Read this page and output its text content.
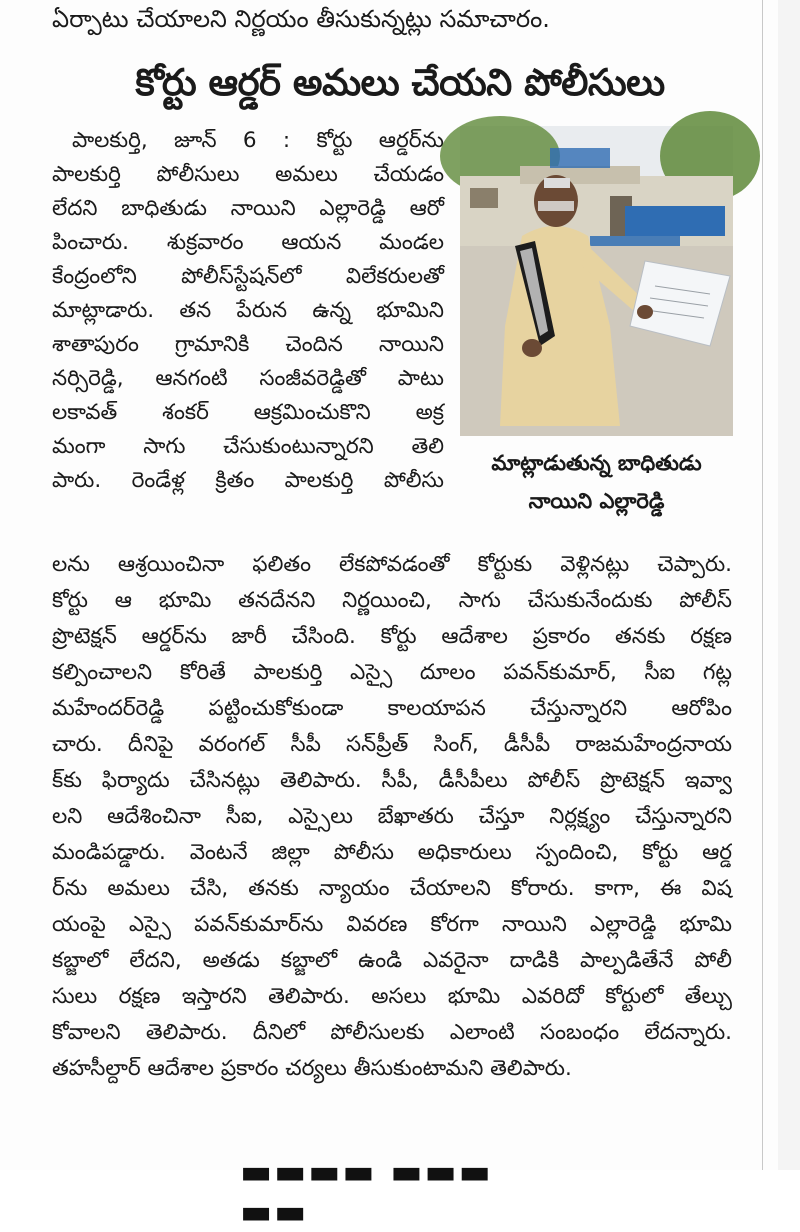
ఏర్పాటు చేయాలని నిర్ణయం తీసుకున్నట్లు సమాచారం.
కోర్టు ఆర్డర్ అమలు చేయని పోలీసులు
పాలకుర్తి, జూన్ 6 : కోర్టు ఆర్డర్‌ను
పాలకుర్తి పోలీసులు అమలు చేయడం
లేదని బాధితుడు నాయిని ఎల్లారెడ్డి ఆరో
పించారు. శుక్రవారం ఆయన మండల
కేంద్రంలోని పోలీస్‌స్టేషన్‌లో విలేకరులతో
మాట్లాడారు. తన పేరున ఉన్న భూమిని
శాతాపురం గ్రామానికి చెందిన నాయిని
నర్సిరెడ్డి, ఆనగంటి సంజీవరెడ్డితో పాటు
లకావత్ శంకర్ ఆక్రమించుకొని అక్ర
మంగా సాగు చేసుకుంటున్నారని తెలి
పారు. రెండేళ్ల క్రితం పాలకుర్తి పోలీసు
మాట్లాడుతున్న బాధితుడు
నాయిని ఎల్లారెడ్డి
లను ఆశ్రయించినా ఫలితం లేకపోవడంతో కోర్టుకు వెళ్లినట్లు చెప్పారు.
కోర్టు ఆ భూమి తనదేనని నిర్ణయించి, సాగు చేసుకునేందుకు పోలీస్
ప్రొటెక్షన్ ఆర్డర్‌ను జారీ చేసింది. కోర్టు ఆదేశాల ప్రకారం తనకు రక్షణ
కల్పించాలని కోరితే పాలకుర్తి ఎస్సై దూలం పవన్‌కుమార్, సీఐ గట్ల
మహేందర్‌రెడ్డి పట్టించుకోకుండా కాలయాపన చేస్తున్నారని ఆరోపిం
చారు. దీనిపై వరంగల్ సీపీ సన్‌ప్రీత్ సింగ్, డీసీపీ రాజమహేంద్రనాయ
క్‌కు ఫిర్యాదు చేసినట్లు తెలిపారు. సీపీ, డీసీపీలు పోలీస్ ప్రొటెక్షన్ ఇవ్వా
లని ఆదేశించినా సీఐ, ఎస్సైలు బేఖాతరు చేస్తూ నిర్లక్ష్యం చేస్తున్నారని
మండిపడ్డారు. వెంటనే జిల్లా పోలీసు అధికారులు స్పందించి, కోర్టు ఆర్డ
ర్‌ను అమలు చేసి, తనకు న్యాయం చేయాలని కోరారు. కాగా, ఈ విష
యంపై ఎస్సై పవన్‌కుమార్‌ను వివరణ కోరగా నాయిని ఎల్లారెడ్డి భూమి
కబ్జాలో లేదని, అతడు కబ్జాలో ఉండి ఎవరైనా దాడికి పాల్పడితేనే పోలీ
సులు రక్షణ ఇస్తారని తెలిపారు. అసలు భూమి ఎవరిదో కోర్టులో తేల్చు
కోవాలని తెలిపారు. దీనిలో పోలీసులకు ఎలాంటి సంబంధం లేదన్నారు.
తహసీల్దార్ ఆదేశాల ప్రకారం చర్యలు తీసుకుంటామని తెలిపారు.
▬▬▬▬ ▬▬▬ ▬▬
